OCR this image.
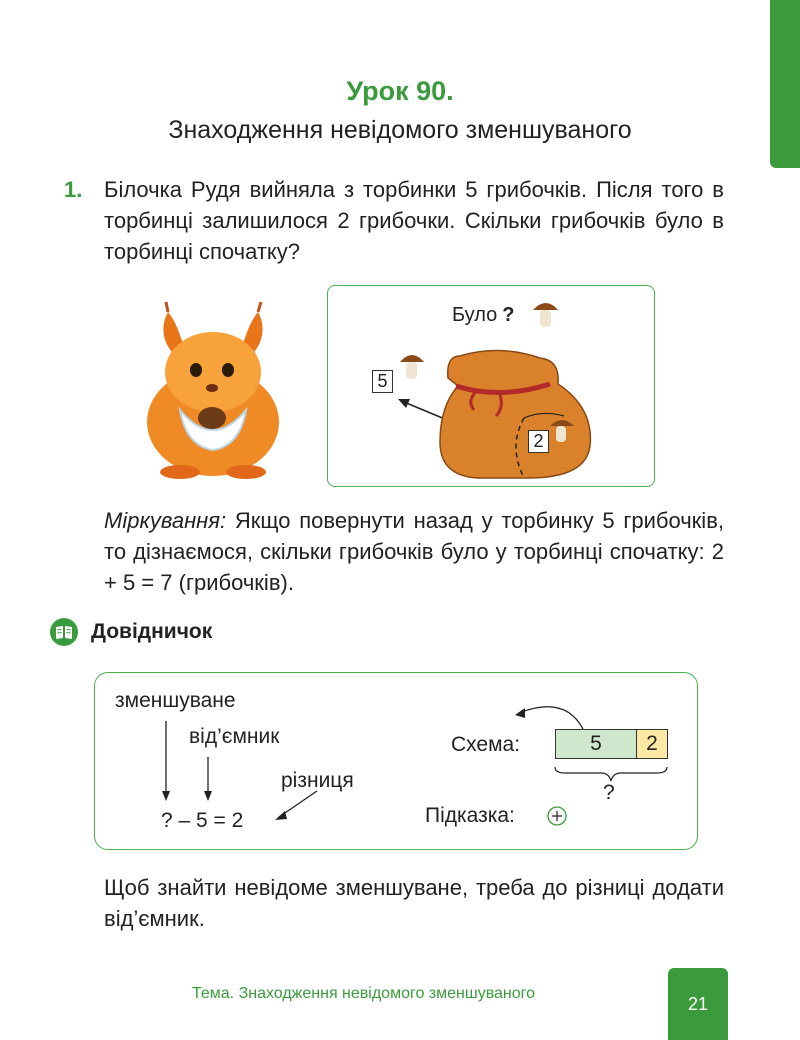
Урок 90.
Знаходження невідомого зменшуваного
1. Білочка Рудя вийняла з торбинки 5 грибочків. Після того в торбинці залишилося 2 грибочки. Скільки грибочків було в торбинці спочатку?
Було ?
5
2
Міркування: Якщо повернути назад у торбинку 5 грибочків, то дізнаємося, скільки грибочків було у торбинці спочатку: 2 + 5 = 7 (грибочків).
Довідничок
зменшуване
від’ємник
різниця
? – 5 = 2
Схема:	5	2
?
Підказка:
Щоб знайти невідоме зменшуване, треба до різниці додати від’ємник.
Тема. Знаходження невідомого зменшуваного
21
